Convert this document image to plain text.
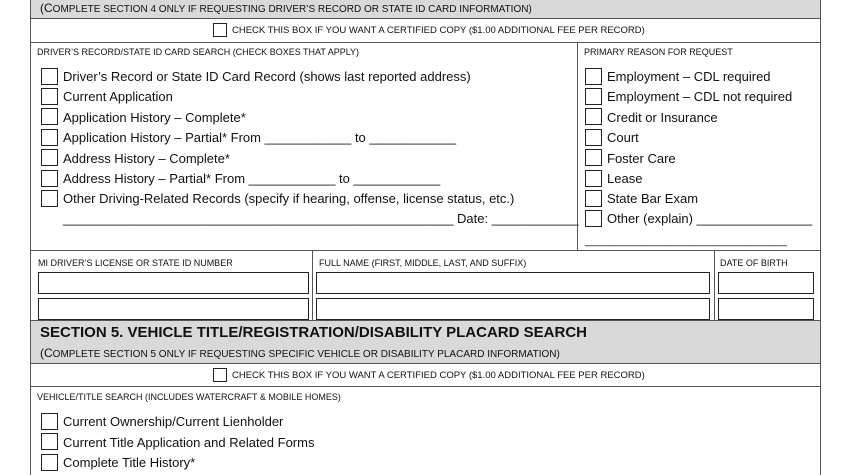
(COMPLETE SECTION 4 ONLY IF REQUESTING DRIVER’S RECORD OR STATE ID CARD INFORMATION)
CHECK THIS BOX IF YOU WANT A CERTIFIED COPY ($1.00 ADDITIONAL FEE PER RECORD)
DRIVER’S RECORD/STATE ID CARD SEARCH (CHECK BOXES THAT APPLY)	PRIMARY REASON FOR REQUEST
Driver’s Record or State ID Card Record (shows last reported address)
Current Application
Application History – Complete*
Application History – Partial* From ____________ to ____________
Address History – Complete*
Address History – Partial* From ____________ to ____________
Other Driving-Related Records (specify if hearing, offense, license status, etc.)
______________________________________________________ Date: ____________
Employment – CDL required
Employment – CDL not required
Credit or Insurance
Court
Foster Care
Lease
State Bar Exam
Other (explain) ________________
_________________________________
MI DRIVER’S LICENSE OR STATE ID NUMBER	FULL NAME (FIRST, MIDDLE, LAST, AND SUFFIX)	DATE OF BIRTH
SECTION 5. VEHICLE TITLE/REGISTRATION/DISABILITY PLACARD SEARCH
(COMPLETE SECTION 5 ONLY IF REQUESTING SPECIFIC VEHICLE OR DISABILITY PLACARD INFORMATION)
CHECK THIS BOX IF YOU WANT A CERTIFIED COPY ($1.00 ADDITIONAL FEE PER RECORD)
VEHICLE/TITLE SEARCH (INCLUDES WATERCRAFT & MOBILE HOMES)
Current Ownership/Current Lienholder
Current Title Application and Related Forms
Complete Title History*
